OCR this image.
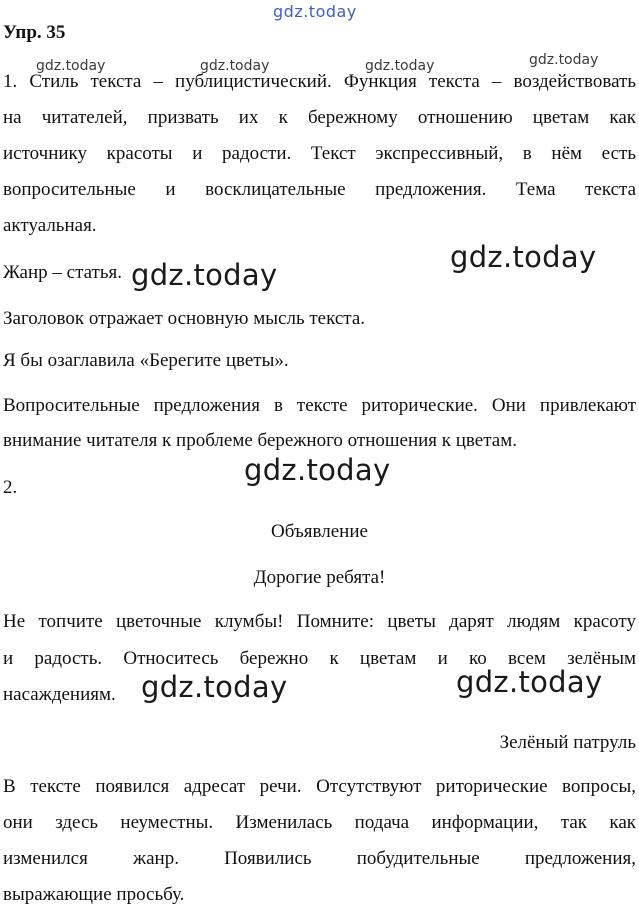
gdz.today
gdz.today	gdz.today	gdz.today	gdz.today
gdz.today
gdz.today
gdz.today
gdz.today	gdz.today
Упр. 35
1. Стиль текста – публицистический. Функция текста – воздействовать
на читателей, призвать их к бережному отношению цветам как
источнику красоты и радости. Текст экспрессивный, в нём есть
вопросительные и восклицательные предложения. Тема текста
актуальная.
Жанр – статья.
Заголовок отражает основную мысль текста.
Я бы озаглавила «Берегите цветы».
Вопросительные предложения в тексте риторические. Они привлекают
внимание читателя к проблеме бережного отношения к цветам.
2.
Объявление
Дорогие ребята!
Не топчите цветочные клумбы! Помните: цветы дарят людям красоту
и радость. Относитесь бережно к цветам и ко всем зелёным
насаждениям.
Зелёный патруль
В тексте появился адресат речи. Отсутствуют риторические вопросы,
они здесь неуместны. Изменилась подача информации, так как
изменился жанр. Появились побудительные предложения,
выражающие просьбу.
